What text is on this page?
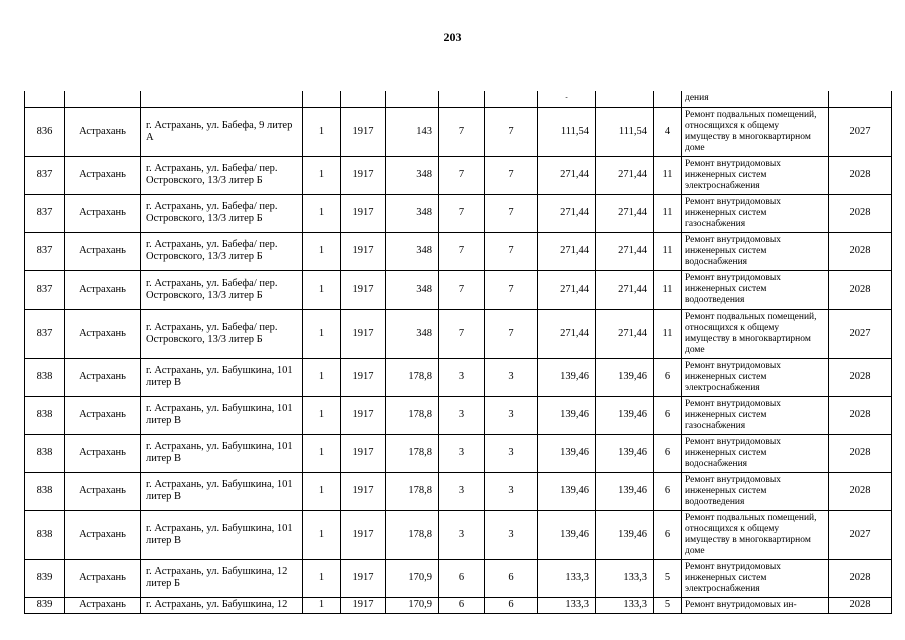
203
								-			дения	
836	Астрахань	г. Астрахань, ул. Бабефа, 9 литер А	1	1917	143	7	7	111,54	111,54	4	Ремонт подвальных помещений, относящихся к общему имуществу в многоквартирном доме	2027
837	Астрахань	г. Астрахань, ул. Бабефа/ пер. Островского, 13/3 литер Б	1	1917	348	7	7	271,44	271,44	11	Ремонт внутридомовых инженерных систем электроснабжения	2028
837	Астрахань	г. Астрахань, ул. Бабефа/ пер. Островского, 13/3 литер Б	1	1917	348	7	7	271,44	271,44	11	Ремонт внутридомовых инженерных систем газоснабжения	2028
837	Астрахань	г. Астрахань, ул. Бабефа/ пер. Островского, 13/3 литер Б	1	1917	348	7	7	271,44	271,44	11	Ремонт внутридомовых инженерных систем водоснабжения	2028
837	Астрахань	г. Астрахань, ул. Бабефа/ пер. Островского, 13/3 литер Б	1	1917	348	7	7	271,44	271,44	11	Ремонт внутридомовых инженерных систем водоотведения	2028
837	Астрахань	г. Астрахань, ул. Бабефа/ пер. Островского, 13/3 литер Б	1	1917	348	7	7	271,44	271,44	11	Ремонт подвальных помещений, относящихся к общему имуществу в многоквартирном доме	2027
838	Астрахань	г. Астрахань, ул. Бабушкина, 101 литер В	1	1917	178,8	3	3	139,46	139,46	6	Ремонт внутридомовых инженерных систем электроснабжения	2028
838	Астрахань	г. Астрахань, ул. Бабушкина, 101 литер В	1	1917	178,8	3	3	139,46	139,46	6	Ремонт внутридомовых инженерных систем газоснабжения	2028
838	Астрахань	г. Астрахань, ул. Бабушкина, 101 литер В	1	1917	178,8	3	3	139,46	139,46	6	Ремонт внутридомовых инженерных систем водоснабжения	2028
838	Астрахань	г. Астрахань, ул. Бабушкина, 101 литер В	1	1917	178,8	3	3	139,46	139,46	6	Ремонт внутридомовых инженерных систем водоотведения	2028
838	Астрахань	г. Астрахань, ул. Бабушкина, 101 литер В	1	1917	178,8	3	3	139,46	139,46	6	Ремонт подвальных помещений, относящихся к общему имуществу в многоквартирном доме	2027
839	Астрахань	г. Астрахань, ул. Бабушкина, 12 литер Б	1	1917	170,9	6	6	133,3	133,3	5	Ремонт внутридомовых инженерных систем электроснабжения	2028
839	Астрахань	г. Астрахань, ул. Бабушкина, 12	1	1917	170,9	6	6	133,3	133,3	5	Ремонт внутридомовых ин-	2028
